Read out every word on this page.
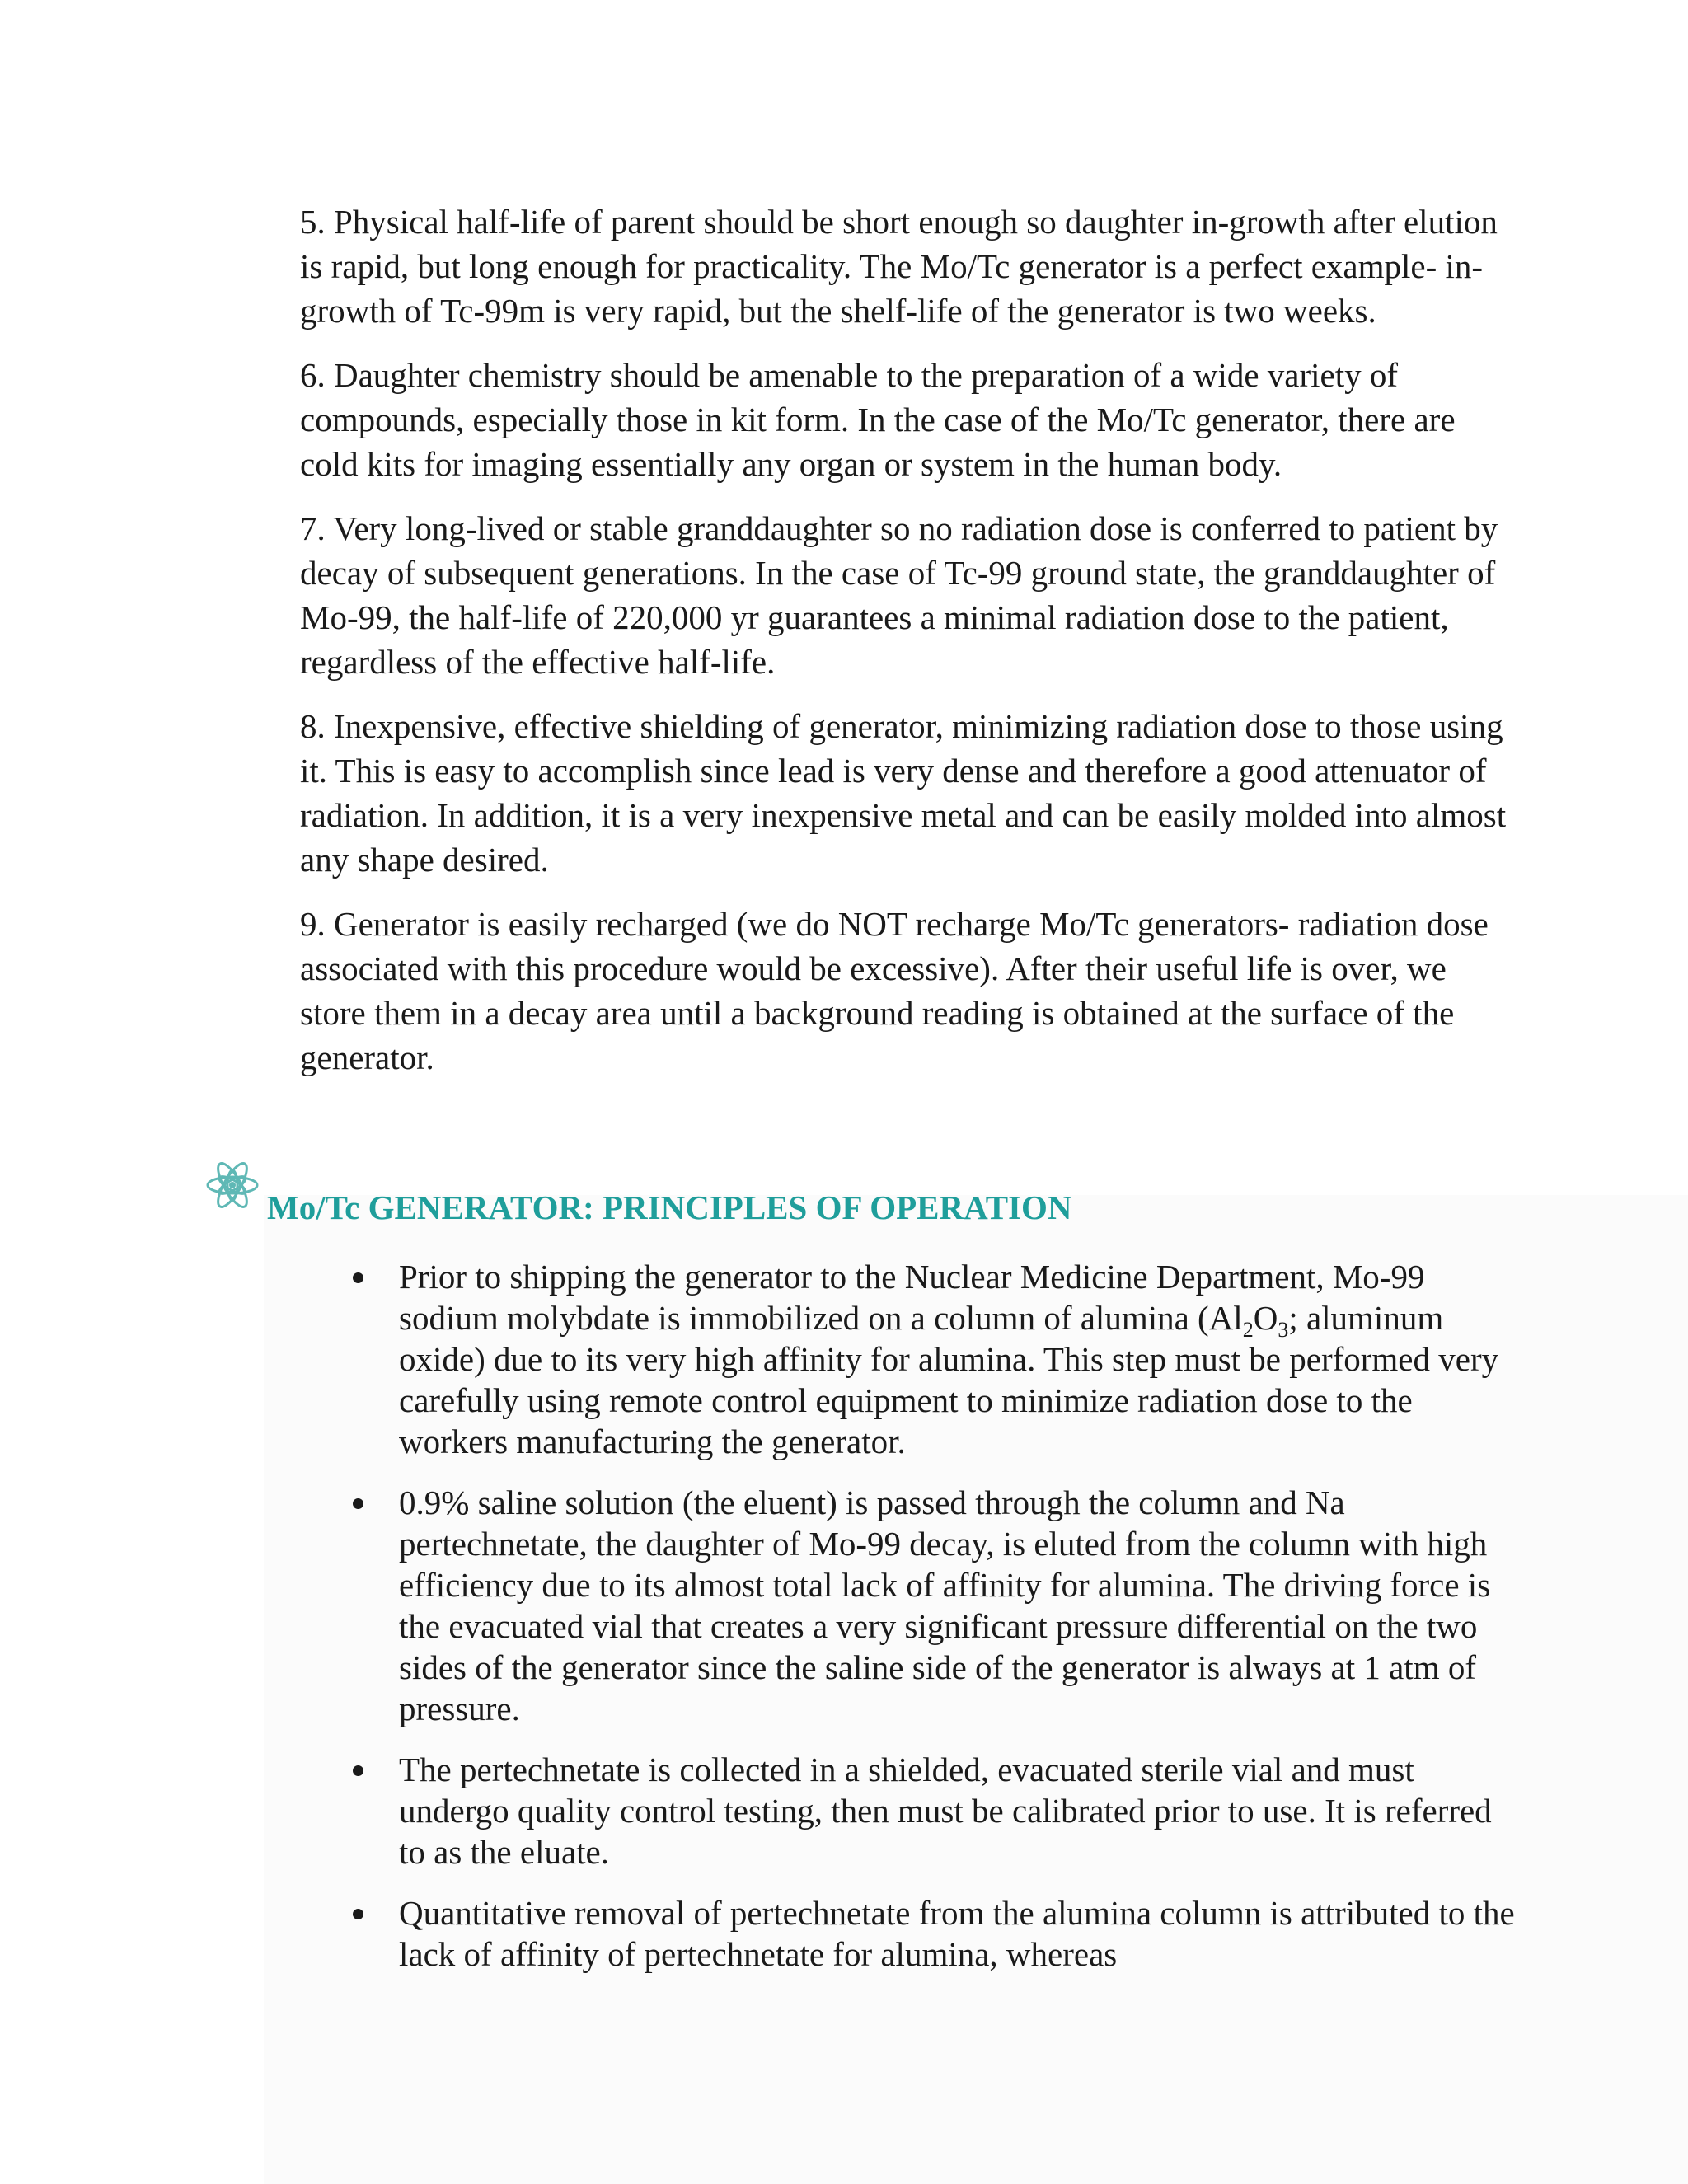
5. Physical half-life of parent should be short enough so daughter in-growth after elution is rapid, but long enough for practicality. The Mo/Tc generator is a perfect example- in-growth of Tc-99m is very rapid, but the shelf-life of the generator is two weeks.

6. Daughter chemistry should be amenable to the preparation of a wide variety of compounds, especially those in kit form. In the case of the Mo/Tc generator, there are cold kits for imaging essentially any organ or system in the human body.

7. Very long-lived or stable granddaughter so no radiation dose is conferred to patient by decay of subsequent generations. In the case of Tc-99 ground state, the granddaughter of Mo-99, the half-life of 220,000 yr guarantees a minimal radiation dose to the patient, regardless of the effective half-life.

8. Inexpensive, effective shielding of generator, minimizing radiation dose to those using it. This is easy to accomplish since lead is very dense and therefore a good attenuator of radiation. In addition, it is a very inexpensive metal and can be easily molded into almost any shape desired.

9. Generator is easily recharged (we do NOT recharge Mo/Tc generators- radiation dose associated with this procedure would be excessive). After their useful life is over, we store them in a decay area until a background reading is obtained at the surface of the generator.

Mo/Tc GENERATOR: PRINCIPLES OF OPERATION
Prior to shipping the generator to the Nuclear Medicine Department, Mo-99 sodium molybdate is immobilized on a column of alumina ($Al_2O_3$; aluminum oxide) due to its very high affinity for alumina. This step must be performed very carefully using remote control equipment to minimize radiation dose to the workers manufacturing the generator.
0.9% saline solution (the eluent) is passed through the column and Na pertechnetate, the daughter of Mo-99 decay, is eluted from the column with high efficiency due to its almost total lack of affinity for alumina. The driving force is the evacuated vial that creates a very significant pressure differential on the two sides of the generator since the saline side of the generator is always at 1 atm of pressure.
The pertechnetate is collected in a shielded, evacuated sterile vial and must undergo quality control testing, then must be calibrated prior to use. It is referred to as the eluate.
Quantitative removal of pertechnetate from the alumina column is attributed to the lack of affinity of pertechnetate for alumina, whereas
